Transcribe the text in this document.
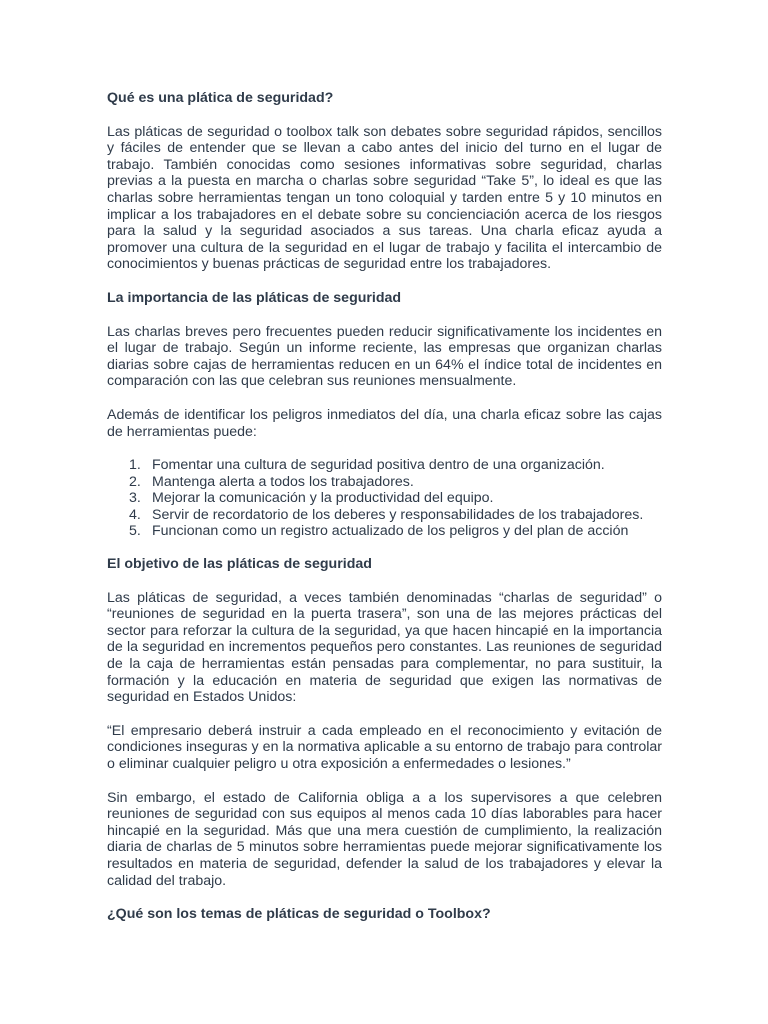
Qué es una plática de seguridad?

Las pláticas de seguridad o toolbox talk son debates sobre seguridad rápidos, sencillos y fáciles de entender que se llevan a cabo antes del inicio del turno en el lugar de trabajo. También conocidas como sesiones informativas sobre seguridad, charlas previas a la puesta en marcha o charlas sobre seguridad “Take 5”, lo ideal es que las charlas sobre herramientas tengan un tono coloquial y tarden entre 5 y 10 minutos en implicar a los trabajadores en el debate sobre su concienciación acerca de los riesgos para la salud y la seguridad asociados a sus tareas. Una charla eficaz ayuda a promover una cultura de la seguridad en el lugar de trabajo y facilita el intercambio de conocimientos y buenas prácticas de seguridad entre los trabajadores.

La importancia de las pláticas de seguridad

Las charlas breves pero frecuentes pueden reducir significativamente los incidentes en el lugar de trabajo. Según un informe reciente, las empresas que organizan charlas diarias sobre cajas de herramientas reducen en un 64% el índice total de incidentes en comparación con las que celebran sus reuniones mensualmente.

Además de identificar los peligros inmediatos del día, una charla eficaz sobre las cajas de herramientas puede:

1. Fomentar una cultura de seguridad positiva dentro de una organización.
2. Mantenga alerta a todos los trabajadores.
3. Mejorar la comunicación y la productividad del equipo.
4. Servir de recordatorio de los deberes y responsabilidades de los trabajadores.
5. Funcionan como un registro actualizado de los peligros y del plan de acción
El objetivo de las pláticas de seguridad

Las pláticas de seguridad, a veces también denominadas “charlas de seguridad” o “reuniones de seguridad en la puerta trasera”, son una de las mejores prácticas del sector para reforzar la cultura de la seguridad, ya que hacen hincapié en la importancia de la seguridad en incrementos pequeños pero constantes. Las reuniones de seguridad de la caja de herramientas están pensadas para complementar, no para sustituir, la formación y la educación en materia de seguridad que exigen las normativas de seguridad en Estados Unidos:

“El empresario deberá instruir a cada empleado en el reconocimiento y evitación de condiciones inseguras y en la normativa aplicable a su entorno de trabajo para controlar o eliminar cualquier peligro u otra exposición a enfermedades o lesiones.”

Sin embargo, el estado de California obliga a a los supervisores a que celebren reuniones de seguridad con sus equipos al menos cada 10 días laborables para hacer hincapié en la seguridad. Más que una mera cuestión de cumplimiento, la realización diaria de charlas de 5 minutos sobre herramientas puede mejorar significativamente los resultados en materia de seguridad, defender la salud de los trabajadores y elevar la calidad del trabajo.

¿Qué son los temas de pláticas de seguridad o Toolbox?
